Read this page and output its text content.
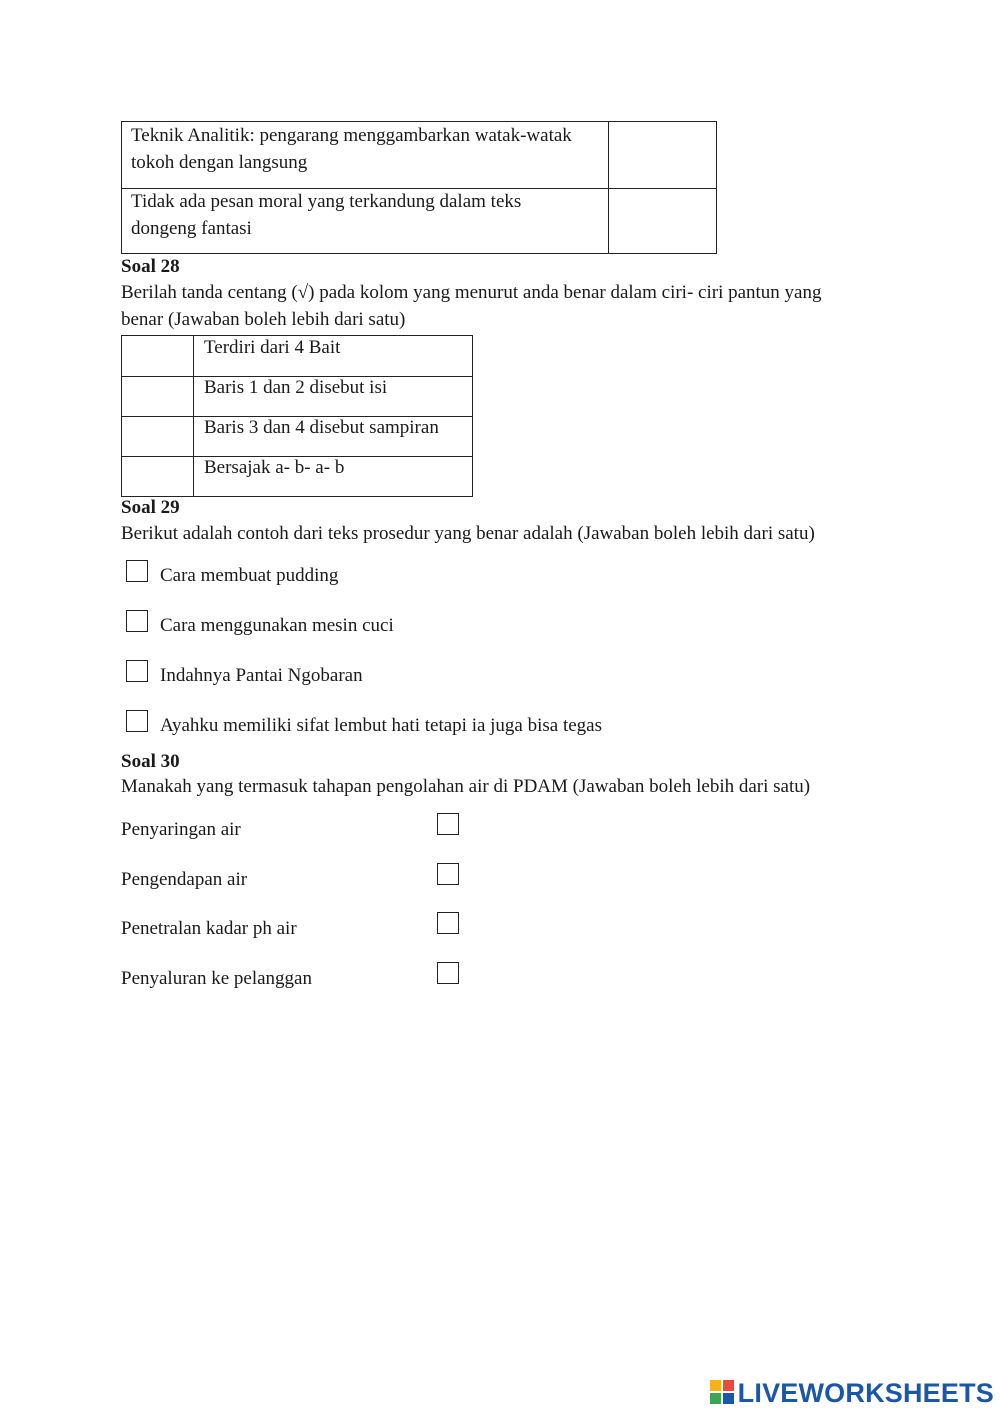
Teknik Analitik: pengarang menggambarkan watak-watak tokoh dengan langsung
Tidak ada pesan moral yang terkandung dalam teks dongeng fantasi
Soal 28
Berilah tanda centang (√) pada kolom yang menurut anda benar dalam ciri- ciri pantun yang
benar (Jawaban boleh lebih dari satu)
Terdiri dari 4 Bait
Baris 1 dan 2 disebut isi
Baris 3 dan 4 disebut sampiran
Bersajak a- b- a- b
Soal 29
Berikut adalah contoh dari teks prosedur yang benar adalah (Jawaban boleh lebih dari satu)
Cara membuat pudding
Cara menggunakan mesin cuci
Indahnya Pantai Ngobaran
Ayahku memiliki sifat lembut hati tetapi ia juga bisa tegas
Soal 30
Manakah yang termasuk tahapan pengolahan air di PDAM (Jawaban boleh lebih dari satu)
Penyaringan air
Pengendapan air
Penetralan kadar ph air
Penyaluran ke pelanggan
LIVEWORKSHEETS
